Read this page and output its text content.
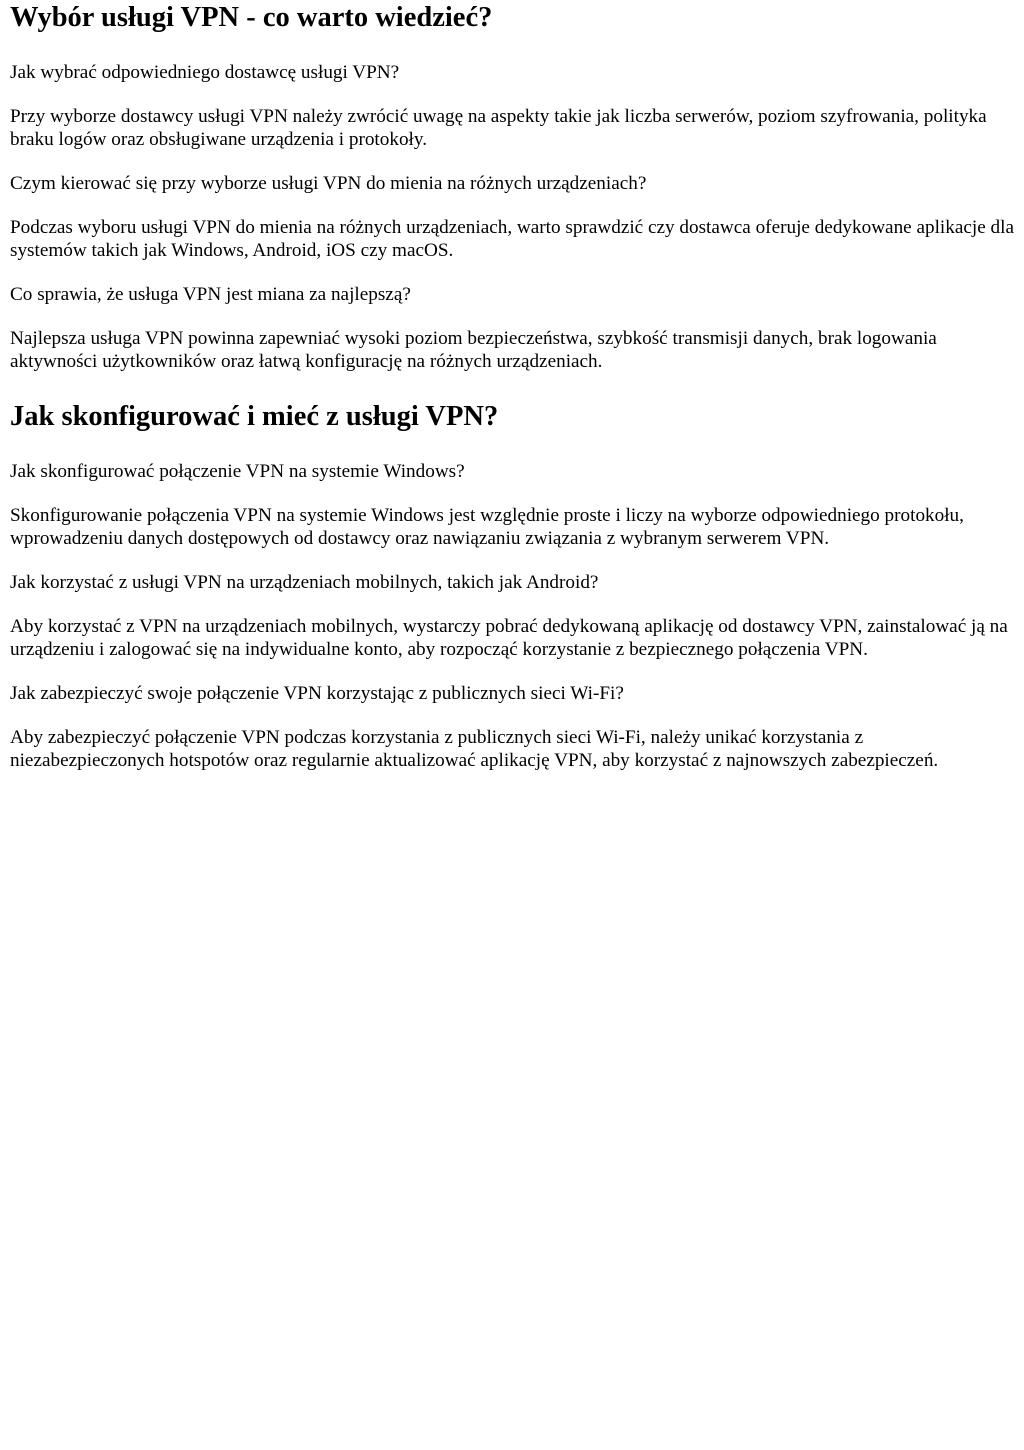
Wybór usługi VPN - co warto wiedzieć?

Jak wybrać odpowiedniego dostawcę usługi VPN?

Przy wyborze dostawcy usługi VPN należy zwrócić uwagę na aspekty takie jak liczba serwerów, poziom szyfrowania, polityka braku logów oraz obsługiwane urządzenia i protokoły.

Czym kierować się przy wyborze usługi VPN do mienia na różnych urządzeniach?

Podczas wyboru usługi VPN do mienia na różnych urządzeniach, warto sprawdzić czy dostawca oferuje dedykowane aplikacje dla systemów takich jak Windows, Android, iOS czy macOS.

Co sprawia, że usługa VPN jest miana za najlepszą?

Najlepsza usługa VPN powinna zapewniać wysoki poziom bezpieczeństwa, szybkość transmisji danych, brak logowania aktywności użytkowników oraz łatwą konfigurację na różnych urządzeniach.

Jak skonfigurować i mieć z usługi VPN?

Jak skonfigurować połączenie VPN na systemie Windows?

Skonfigurowanie połączenia VPN na systemie Windows jest względnie proste i liczy na wyborze odpowiedniego protokołu, wprowadzeniu danych dostępowych od dostawcy oraz nawiązaniu związania z wybranym serwerem VPN.

Jak korzystać z usługi VPN na urządzeniach mobilnych, takich jak Android?

Aby korzystać z VPN na urządzeniach mobilnych, wystarczy pobrać dedykowaną aplikację od dostawcy VPN, zainstalować ją na urządzeniu i zalogować się na indywidualne konto, aby rozpocząć korzystanie z bezpiecznego połączenia VPN.

Jak zabezpieczyć swoje połączenie VPN korzystając z publicznych sieci Wi-Fi?

Aby zabezpieczyć połączenie VPN podczas korzystania z publicznych sieci Wi-Fi, należy unikać korzystania z niezabezpieczonych hotspotów oraz regularnie aktualizować aplikację VPN, aby korzystać z najnowszych zabezpieczeń.
